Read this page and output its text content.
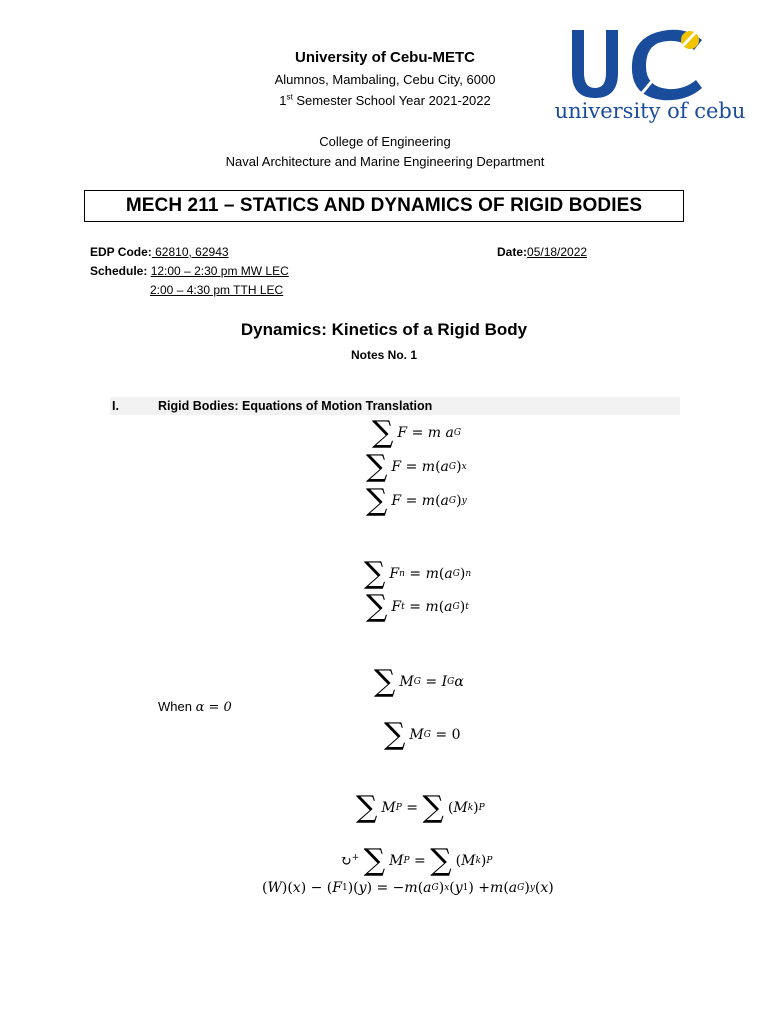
University of Cebu-METC
Alumnos, Mambaling, Cebu City, 6000
1st Semester School Year 2021-2022
College of Engineering
Naval Architecture and Marine Engineering Department
university of cebu
MECH 211 – STATICS AND DYNAMICS OF RIGID BODIES
EDP Code: 62810, 62943	Date:05/18/2022
Schedule: 12:00 – 2:30 pm MW LEC
2:00 – 4:30 pm TTH LEC
Dynamics: Kinetics of a Rigid Body
Notes No. 1
I.	Rigid Bodies: Equations of Motion Translation
∑ F = m a G
∑ F = m ( a G ) x
∑ F = m ( a G ) y
∑ F n = m ( a G ) n
∑ F t = m ( a G ) t
∑ M G = I G α
When α = 0
∑ M G = 0
∑ M P = ∑ ( M k ) P
↻+ ∑ M P = ∑ ( M k ) P
( W )( x ) − ( F 1 )( y ) = − m ( a G ) x ( y 1 ) + m ( a G ) y ( x )
